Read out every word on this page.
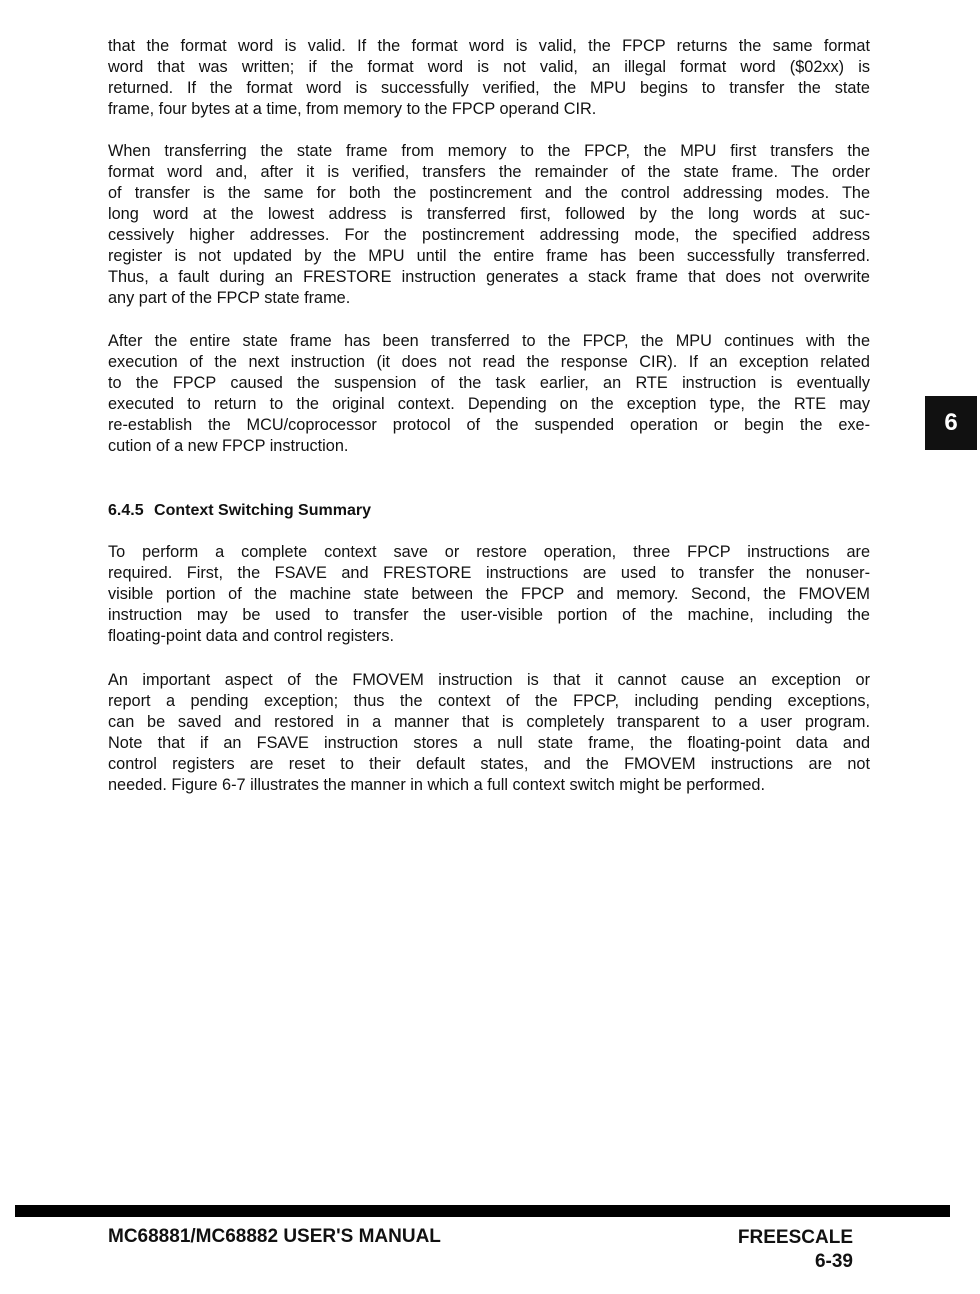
that the format word is valid. If the format word is valid, the FPCP returns the same format
word that was written; if the format word is not valid, an illegal format word ($02xx) is
returned. If the format word is successfully verified, the MPU begins to transfer the state
frame, four bytes at a time, from memory to the FPCP operand CIR.
When transferring the state frame from memory to the FPCP, the MPU first transfers the
format word and, after it is verified, transfers the remainder of the state frame. The order
of transfer is the same for both the postincrement and the control addressing modes. The
long word at the lowest address is transferred first, followed by the long words at suc-
cessively higher addresses. For the postincrement addressing mode, the specified address
register is not updated by the MPU until the entire frame has been successfully transferred.
Thus, a fault during an FRESTORE instruction generates a stack frame that does not overwrite
any part of the FPCP state frame.
After the entire state frame has been transferred to the FPCP, the MPU continues with the
execution of the next instruction (it does not read the response CIR). If an exception related
to the FPCP caused the suspension of the task earlier, an RTE instruction is eventually
executed to return to the original context. Depending on the exception type, the RTE may
re-establish the MCU/coprocessor protocol of the suspended operation or begin the exe-
cution of a new FPCP instruction.
6.4.5 Context Switching Summary
To perform a complete context save or restore operation, three FPCP instructions are
required. First, the FSAVE and FRESTORE instructions are used to transfer the nonuser-
visible portion of the machine state between the FPCP and memory. Second, the FMOVEM
instruction may be used to transfer the user-visible portion of the machine, including the
floating-point data and control registers.
An important aspect of the FMOVEM instruction is that it cannot cause an exception or
report a pending exception; thus the context of the FPCP, including pending exceptions,
can be saved and restored in a manner that is completely transparent to a user program.
Note that if an FSAVE instruction stores a null state frame, the floating-point data and
control registers are reset to their default states, and the FMOVEM instructions are not
needed. Figure 6-7 illustrates the manner in which a full context switch might be performed.
6
MC68881/MC68882 USER'S MANUAL	FREESCALE
6-39
